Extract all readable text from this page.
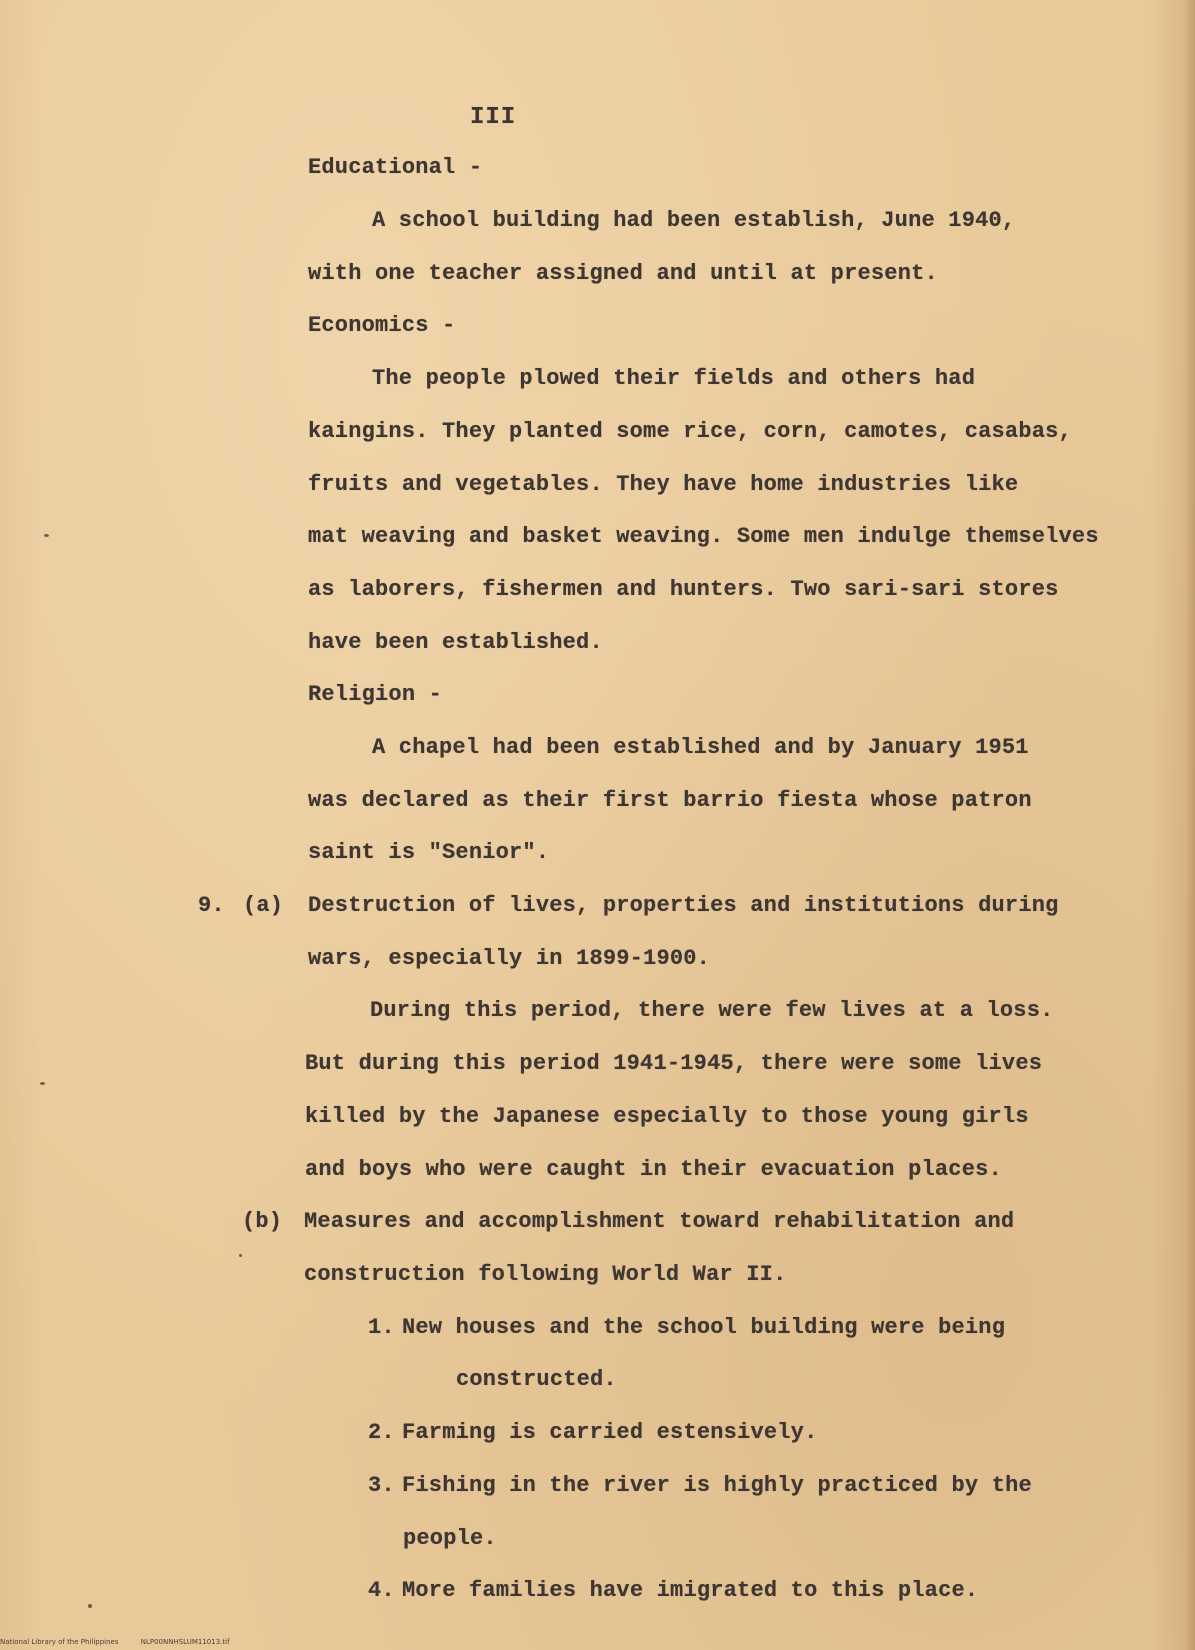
III
Educational -
A school building had been establish, June 1940,
with one teacher assigned and until at present.
Economics -
The people plowed their fields and others had
kaingins. They planted some rice, corn, camotes, casabas,
fruits and vegetables. They have home industries like
mat weaving and basket weaving. Some men indulge themselves
as laborers, fishermen and hunters. Two sari-sari stores
have been established.
Religion -
A chapel had been established and by January 1951
was declared as their first barrio fiesta whose patron
saint is "Senior".
9. (a) Destruction of lives, properties and institutions during
wars, especially in 1899-1900.
During this period, there were few lives at a loss.
But during this period 1941-1945, there were some lives
killed by the Japanese especially to those young girls
and boys who were caught in their evacuation places.
(b) Measures and accomplishment toward rehabilitation and
construction following World War II.
1. New houses and the school building were being
constructed.
2. Farming is carried estensively.
3. Fishing in the river is highly practiced by the
people.
4. More families have imigrated to this place.
National Library of the Philippines	NLP00NNHSLUM11013.tif
